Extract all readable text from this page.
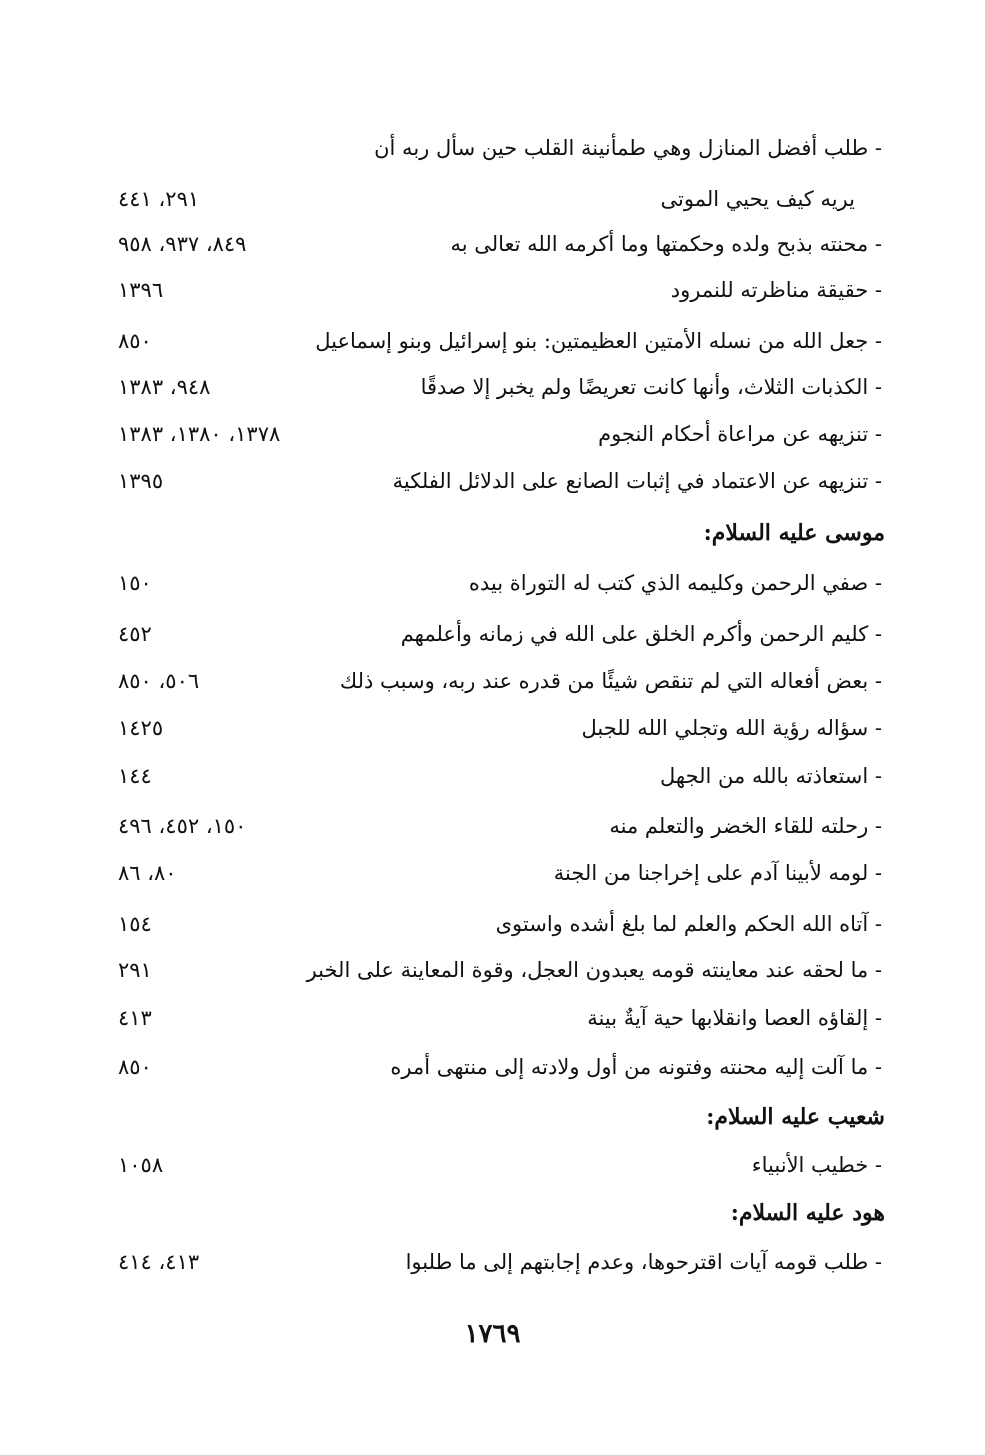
- طلب أفضل المنازل وهي طمأنينة القلب حين سأل ربه أن
يريه كيف يحيي الموتى
٢٩١، ٤٤١
- محنته بذبح ولده وحكمتها وما أكرمه الله تعالى به
٨٤٩، ٩٣٧، ٩٥٨
- حقيقة مناظرته للنمرود
١٣٩٦
- جعل الله من نسله الأمتين العظيمتين: بنو إسرائيل وبنو إسماعيل
٨٥٠
- الكذبات الثلاث، وأنها كانت تعريضًا ولم يخبر إلا صدقًا
٩٤٨، ١٣٨٣
- تنزيهه عن مراعاة أحكام النجوم
١٣٧٨، ١٣٨٠، ١٣٨٣
- تنزيهه عن الاعتماد في إثبات الصانع على الدلائل الفلكية
١٣٩٥
موسى عليه السلام:
- صفي الرحمن وكليمه الذي كتب له التوراة بيده
١٥٠
- كليم الرحمن وأكرم الخلق على الله في زمانه وأعلمهم
٤٥٢
- بعض أفعاله التي لم تنقص شيئًا من قدره عند ربه، وسبب ذلك
٥٠٦، ٨٥٠
- سؤاله رؤية الله وتجلي الله للجبل
١٤٢٥
- استعاذته بالله من الجهل
١٤٤
- رحلته للقاء الخضر والتعلم منه
١٥٠، ٤٥٢، ٤٩٦
- لومه لأبينا آدم على إخراجنا من الجنة
٨٠، ٨٦
- آتاه الله الحكم والعلم لما بلغ أشده واستوى
١٥٤
- ما لحقه عند معاينته قومه يعبدون العجل، وقوة المعاينة على الخبر
٢٩١
- إلقاؤه العصا وانقلابها حية آيةٌ بينة
٤١٣
- ما آلت إليه محنته وفتونه من أول ولادته إلى منتهى أمره
٨٥٠
شعيب عليه السلام:
- خطيب الأنبياء
١٠٥٨
هود عليه السلام:
- طلب قومه آيات اقترحوها، وعدم إجابتهم إلى ما طلبوا
٤١٣، ٤١٤
١٧٦٩
